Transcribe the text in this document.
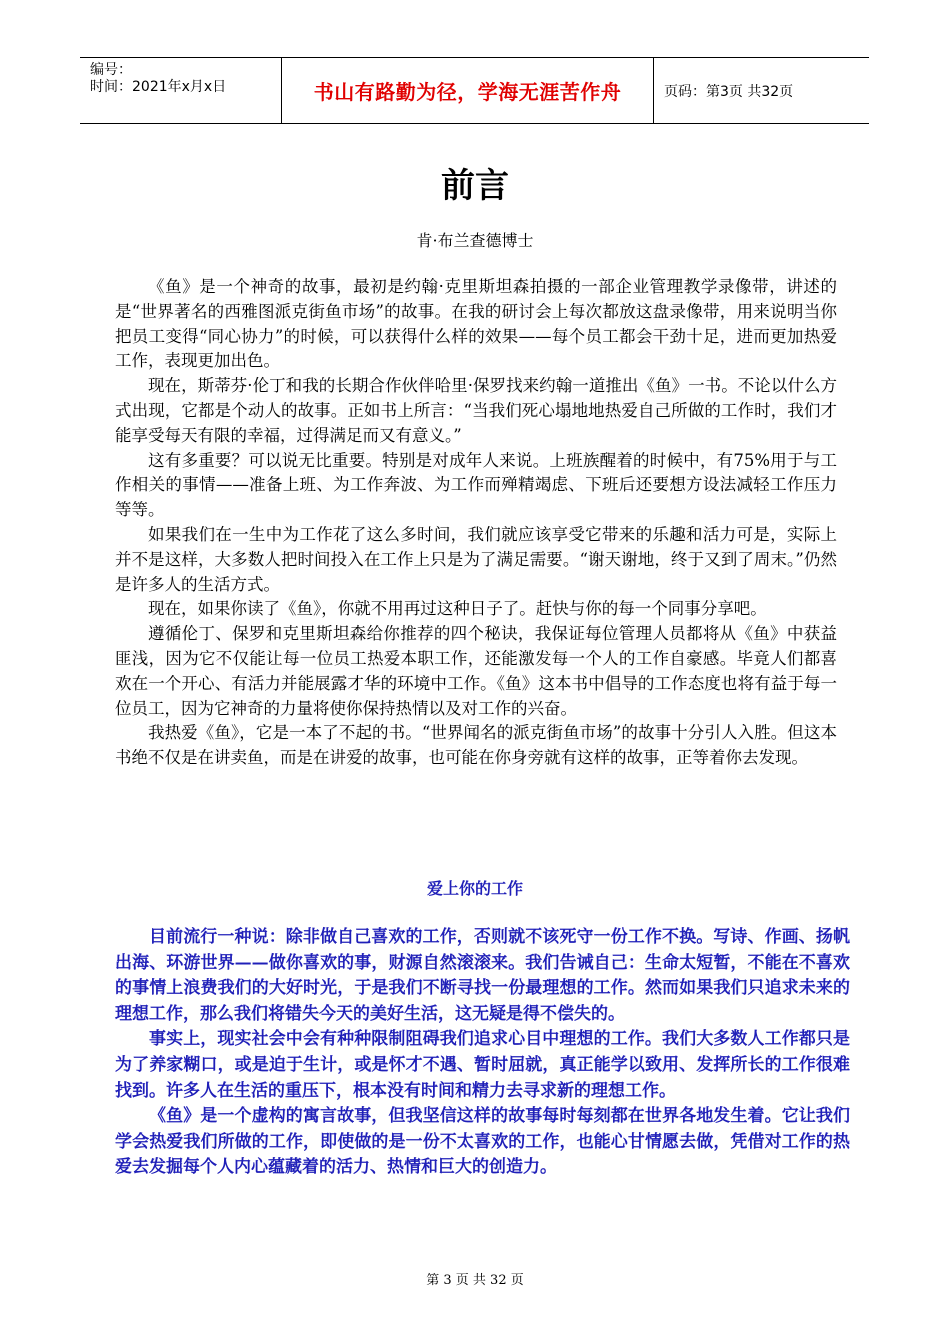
编号：
时间：2021年x月x日	书山有路勤为径，学海无涯苦作舟	页码：第3页 共32页
前言
肯·布兰查德博士

《鱼》是一个神奇的故事，最初是约翰·克里斯坦森拍摄的一部企业管理教学录像带，讲述的是“世界著名的西雅图派克街鱼市场”的故事。在我的研讨会上每次都放这盘录像带，用来说明当你把员工变得“同心协力”的时候，可以获得什么样的效果——每个员工都会干劲十足，进而更加热爱工作，表现更加出色。

现在，斯蒂芬·伦丁和我的长期合作伙伴哈里·保罗找来约翰一道推出《鱼》一书。不论以什么方式出现，它都是个动人的故事。正如书上所言：“当我们死心塌地地热爱自己所做的工作时，我们才能享受每天有限的幸福，过得满足而又有意义。”

这有多重要？可以说无比重要。特别是对成年人来说。上班族醒着的时候中，有75%用于与工作相关的事情——准备上班、为工作奔波、为工作而殚精竭虑、下班后还要想方设法减轻工作压力等等。

如果我们在一生中为工作花了这么多时间，我们就应该享受它带来的乐趣和活力可是，实际上并不是这样，大多数人把时间投入在工作上只是为了满足需要。“谢天谢地，终于又到了周末。”仍然是许多人的生活方式。

现在，如果你读了《鱼》，你就不用再过这种日子了。赶快与你的每一个同事分享吧。

遵循伦丁、保罗和克里斯坦森给你推荐的四个秘诀，我保证每位管理人员都将从《鱼》中获益匪浅，因为它不仅能让每一位员工热爱本职工作，还能激发每一个人的工作自豪感。毕竟人们都喜欢在一个开心、有活力并能展露才华的环境中工作。《鱼》这本书中倡导的工作态度也将有益于每一位员工，因为它神奇的力量将使你保持热情以及对工作的兴奋。

我热爱《鱼》，它是一本了不起的书。“世界闻名的派克街鱼市场”的故事十分引人入胜。但这本书绝不仅是在讲卖鱼，而是在讲爱的故事，也可能在你身旁就有这样的故事，正等着你去发现。

爱上你的工作

目前流行一种说：除非做自己喜欢的工作，否则就不该死守一份工作不换。写诗、作画、扬帆出海、环游世界——做你喜欢的事，财源自然滚滚来。我们告诫自己：生命太短暂，不能在不喜欢的事情上浪费我们的大好时光，于是我们不断寻找一份最理想的工作。然而如果我们只追求未来的理想工作，那么我们将错失今天的美好生活，这无疑是得不偿失的。

事实上，现实社会中会有种种限制阻碍我们追求心目中理想的工作。我们大多数人工作都只是为了养家糊口，或是迫于生计，或是怀才不遇、暂时屈就，真正能学以致用、发挥所长的工作很难找到。许多人在生活的重压下，根本没有时间和精力去寻求新的理想工作。

《鱼》是一个虚构的寓言故事，但我坚信这样的故事每时每刻都在世界各地发生着。它让我们学会热爱我们所做的工作，即使做的是一份不太喜欢的工作，也能心甘情愿去做，凭借对工作的热爱去发掘每个人内心蕴藏着的活力、热情和巨大的创造力。

第 3 页 共 32 页
